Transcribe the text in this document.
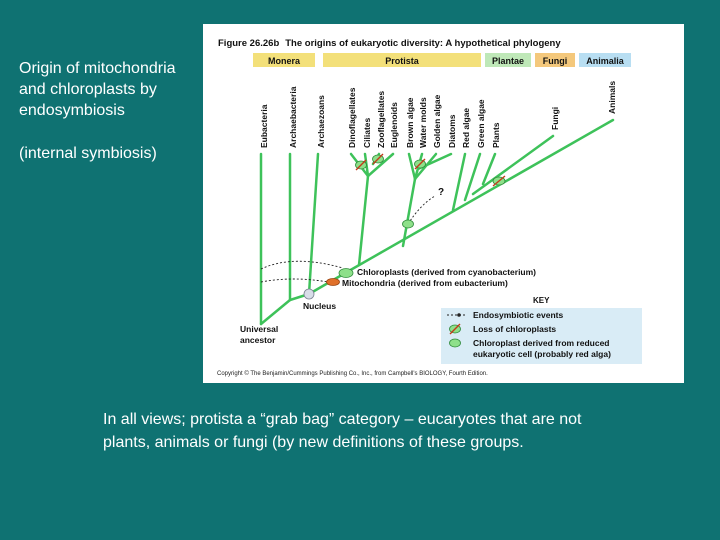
Origin of mitochondria and chloroplasts by endosymbiosis
(internal symbiosis)
Figure 26.26b The origins of eukaryotic diversity: A hypothetical phylogeny
Monera	Protista	Plantae Fungi Animalia
Eubacteria Archaebacteria Archaezoans Dinoflagellates Ciliates Zooflagellates Euglenoids Brown algae Water molds Golden algae Diatoms Red algae Green algae Plants
Fungi
Animals
?
Chloroplasts (derived from cyanobacterium)
Mitochondria (derived from eubacterium)
Nucleus
Universal
ancestor
KEY
Endosymbiotic events
Loss of chloroplasts
Chloroplast derived from reduced
eukaryotic cell (probably red alga)
Copyright © The Benjamin/Cummings Publishing Co., Inc., from Campbell's BIOLOGY, Fourth Edition.
In all views; protista a “grab bag” category – eucaryotes that are not plants, animals or fungi (by new definitions of these groups.
